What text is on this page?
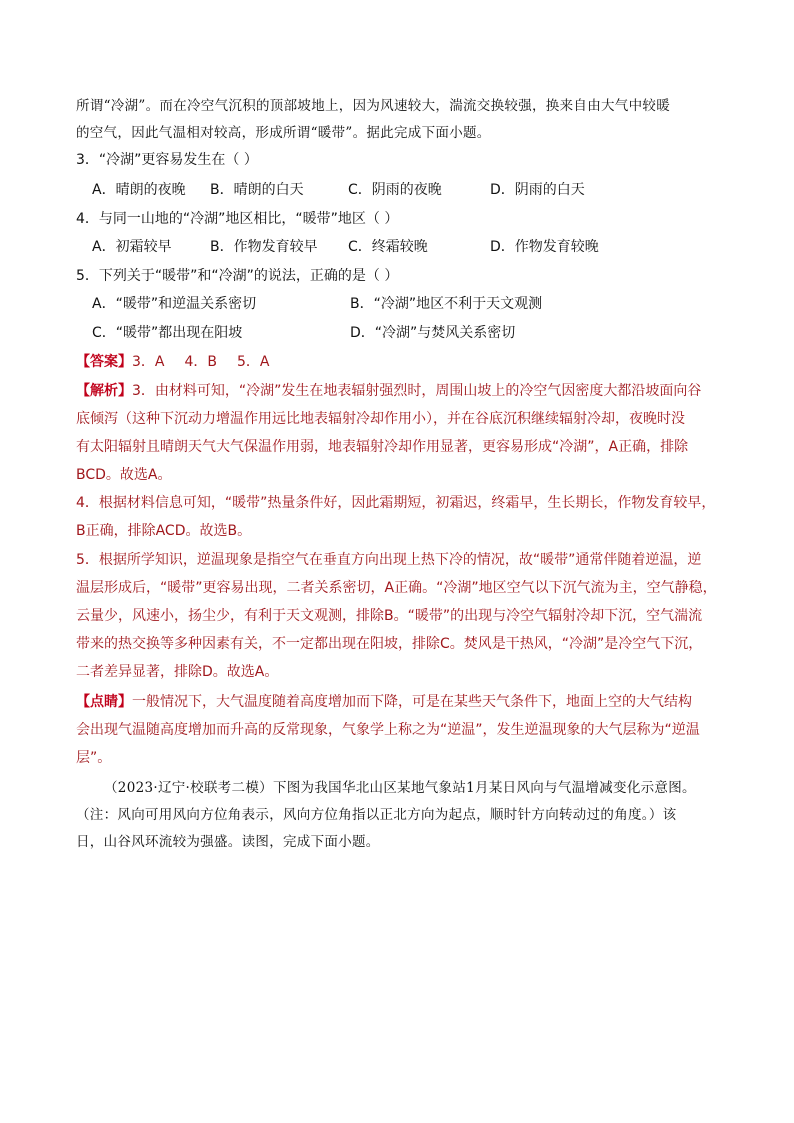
所谓“冷湖”。而在冷空气沉积的顶部坡地上，因为风速较大，湍流交换较强，换来自由大气中较暖
的空气，因此气温相对较高，形成所谓“暖带”。据此完成下面小题。
3．“冷湖”更容易发生在（ ）
A．晴朗的夜晚 B．晴朗的白天	C．阴雨的夜晚	D．阴雨的白天
4．与同一山地的“冷湖”地区相比，“暖带”地区（ ）
A．初霜较早	B．作物发育较早 C．终霜较晚	D．作物发育较晚
5．下列关于“暖带”和“冷湖”的说法，正确的是（ ）
A．“暖带”和逆温关系密切	B．“冷湖”地区不利于天文观测
C．“暖带”都出现在阳坡	D．“冷湖”与焚风关系密切
【答案】3．A 4．B 5．A
【解析】3．由材料可知，“冷湖”发生在地表辐射强烈时，周围山坡上的冷空气因密度大都沿坡面向谷
底倾泻（这种下沉动力增温作用远比地表辐射冷却作用小），并在谷底沉积继续辐射冷却，夜晚时没
有太阳辐射且晴朗天气大气保温作用弱，地表辐射冷却作用显著，更容易形成“冷湖”，A正确，排除
BCD。故选A。
4．根据材料信息可知，“暖带”热量条件好，因此霜期短，初霜迟，终霜早，生长期长，作物发育较早，
B正确，排除ACD。故选B。
5．根据所学知识，逆温现象是指空气在垂直方向出现上热下冷的情况，故“暖带”通常伴随着逆温，逆
温层形成后，“暖带”更容易出现，二者关系密切，A正确。“冷湖”地区空气以下沉气流为主，空气静稳，
云量少，风速小，扬尘少，有利于天文观测，排除B。“暖带”的出现与冷空气辐射冷却下沉，空气湍流
带来的热交换等多种因素有关，不一定都出现在阳坡，排除C。焚风是干热风，“冷湖”是冷空气下沉，
二者差异显著，排除D。故选A。
【点睛】一般情况下，大气温度随着高度增加而下降，可是在某些天气条件下，地面上空的大气结构
会出现气温随高度增加而升高的反常现象，气象学上称之为“逆温”，发生逆温现象的大气层称为“逆温
层”。
（2023·辽宁·校联考二模）下图为我国华北山区某地气象站1月某日风向与气温增减变化示意图。
（注：风向可用风向方位角表示，风向方位角指以正北方向为起点，顺时针方向转动过的角度。）该
日，山谷风环流较为强盛。读图，完成下面小题。
